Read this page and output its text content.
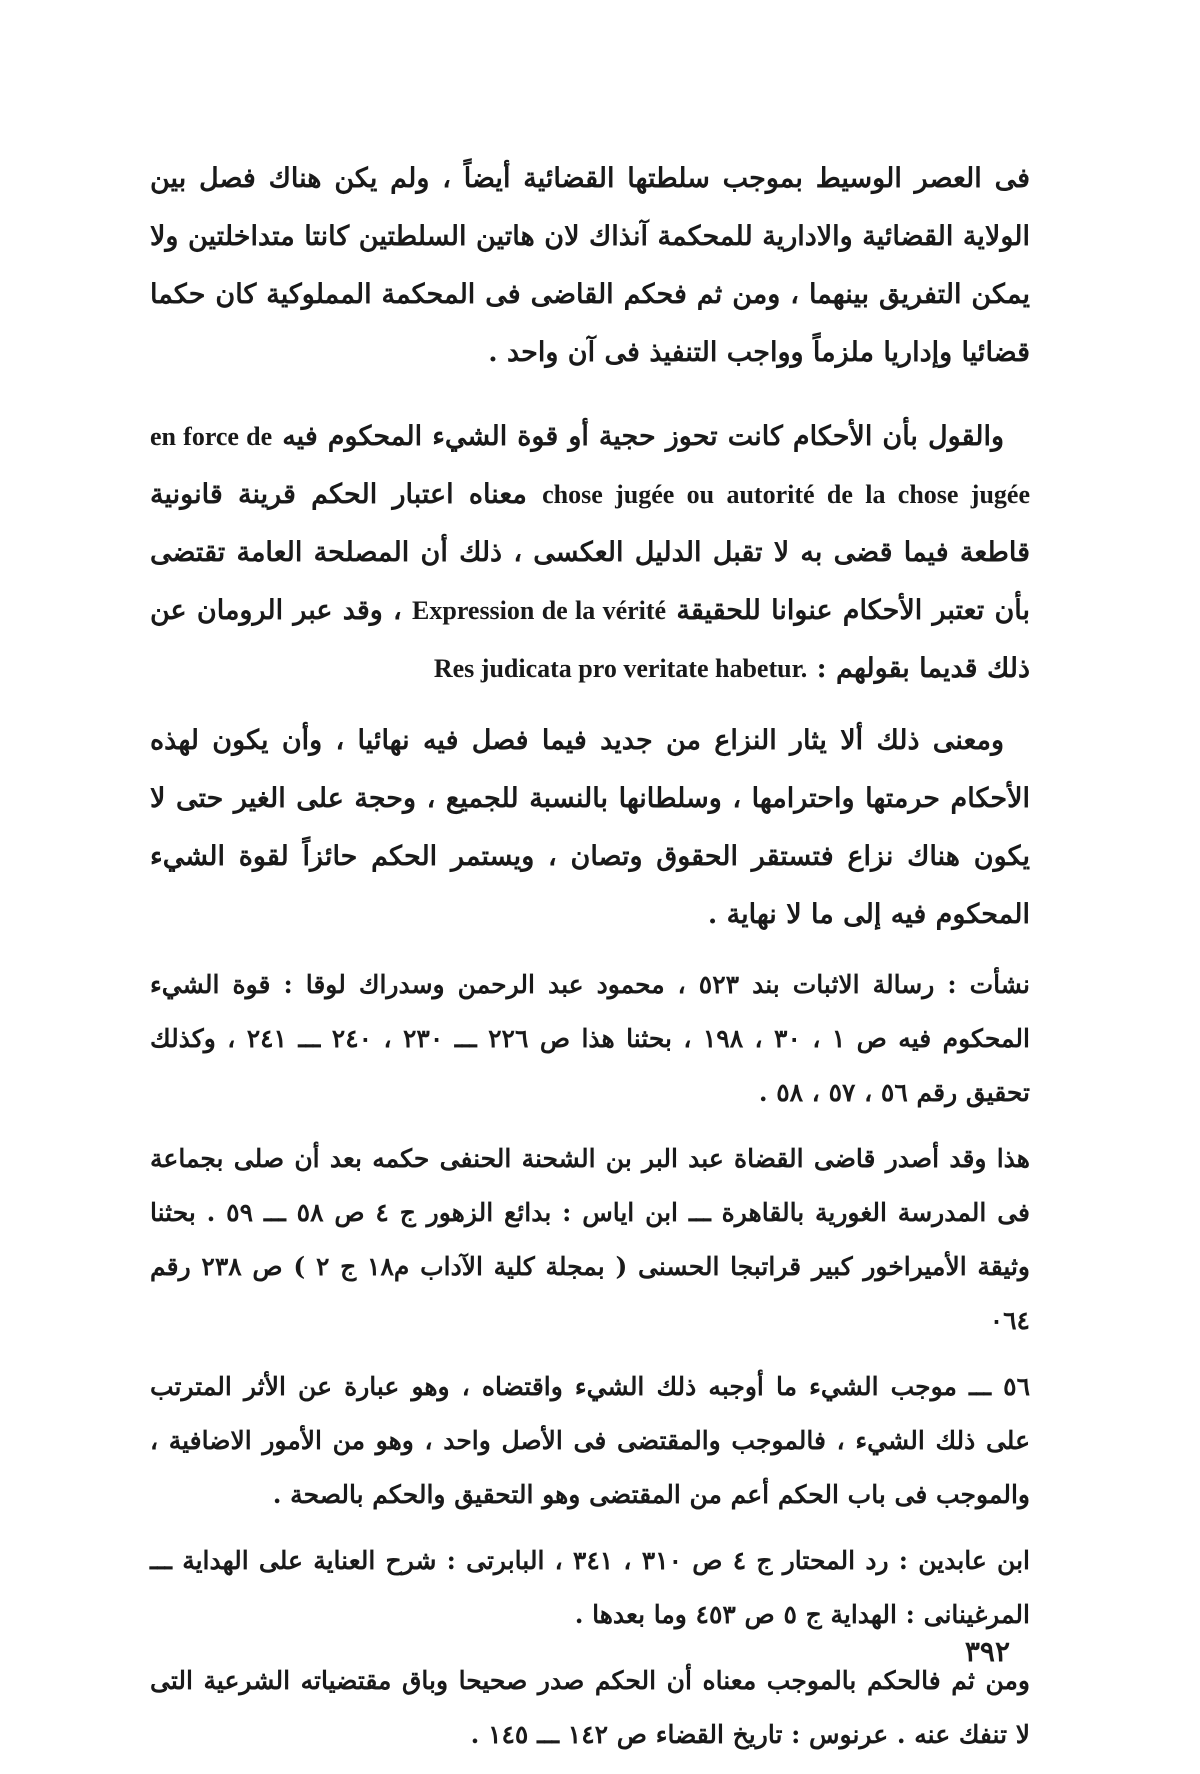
فى العصر الوسيط بموجب سلطتها القضائية أيضاً ، ولم يكن هناك فصل بين الولاية القضائية والادارية للمحكمة آنذاك لان هاتين السلطتين كانتا متداخلتين ولا يمكن التفريق بينهما ، ومن ثم فحكم القاضى فى المحكمة المملوكية كان حكما قضائيا وإداريا ملزماً وواجب التنفيذ فى آن واحد .

والقول بأن الأحكام كانت تحوز حجية أو قوة الشيء المحكوم فيه en force de chose jugée ou autorité de la chose jugée معناه اعتبار الحكم قرينة قانونية قاطعة فيما قضى به لا تقبل الدليل العكسى ، ذلك أن المصلحة العامة تقتضى بأن تعتبر الأحكام عنوانا للحقيقة Expression de la vérité ، وقد عبر الرومان عن ذلك قديما بقولهم : Res judicata pro veritate habetur.

ومعنى ذلك ألا يثار النزاع من جديد فيما فصل فيه نهائيا ، وأن يكون لهذه الأحكام حرمتها واحترامها ، وسلطانها بالنسبة للجميع ، وحجة على الغير حتى لا يكون هناك نزاع فتستقر الحقوق وتصان ، ويستمر الحكم حائزاً لقوة الشيء المحكوم فيه إلى ما لا نهاية .

نشأت : رسالة الاثبات بند ٥٢٣ ، محمود عبد الرحمن وسدراك لوقا : قوة الشيء المحكوم فيه ص ١ ، ٣٠ ، ١٩٨ ، بحثنا هذا ص ٢٢٦ ـــ ٢٣٠ ، ٢٤٠ ـــ ٢٤١ ، وكذلك تحقيق رقم ٥٦ ، ٥٧ ، ٥٨ .

هذا وقد أصدر قاضى القضاة عبد البر بن الشحنة الحنفى حكمه بعد أن صلى بجماعة فى المدرسة الغورية بالقاهرة ـــ ابن اياس : بدائع الزهور ج ٤ ص ٥٨ ـــ ٥٩ . بحثنا وثيقة الأميراخور كبير قراتبجا الحسنى ( بمجلة كلية الآداب م١٨ ج ٢ ) ص ٢٣٨ رقم ٠٦٤

٥٦ ـــ موجب الشيء ما أوجبه ذلك الشيء واقتضاه ، وهو عبارة عن الأثر المترتب على ذلك الشيء ، فالموجب والمقتضى فى الأصل واحد ، وهو من الأمور الاضافية ، والموجب فى باب الحكم أعم من المقتضى وهو التحقيق والحكم بالصحة .

ابن عابدين : رد المحتار ج ٤ ص ٣١٠ ، ٣٤١ ، البابرتى : شرح العناية على الهداية ـــ المرغينانى : الهداية ج ٥ ص ٤٥٣ وما بعدها .

ومن ثم فالحكم بالموجب معناه أن الحكم صدر صحيحا وباق مقتضياته الشرعية التى لا تنفك عنه . عرنوس : تاريخ القضاء ص ١٤٢ ـــ ١٤٥ .

٣٩٢
